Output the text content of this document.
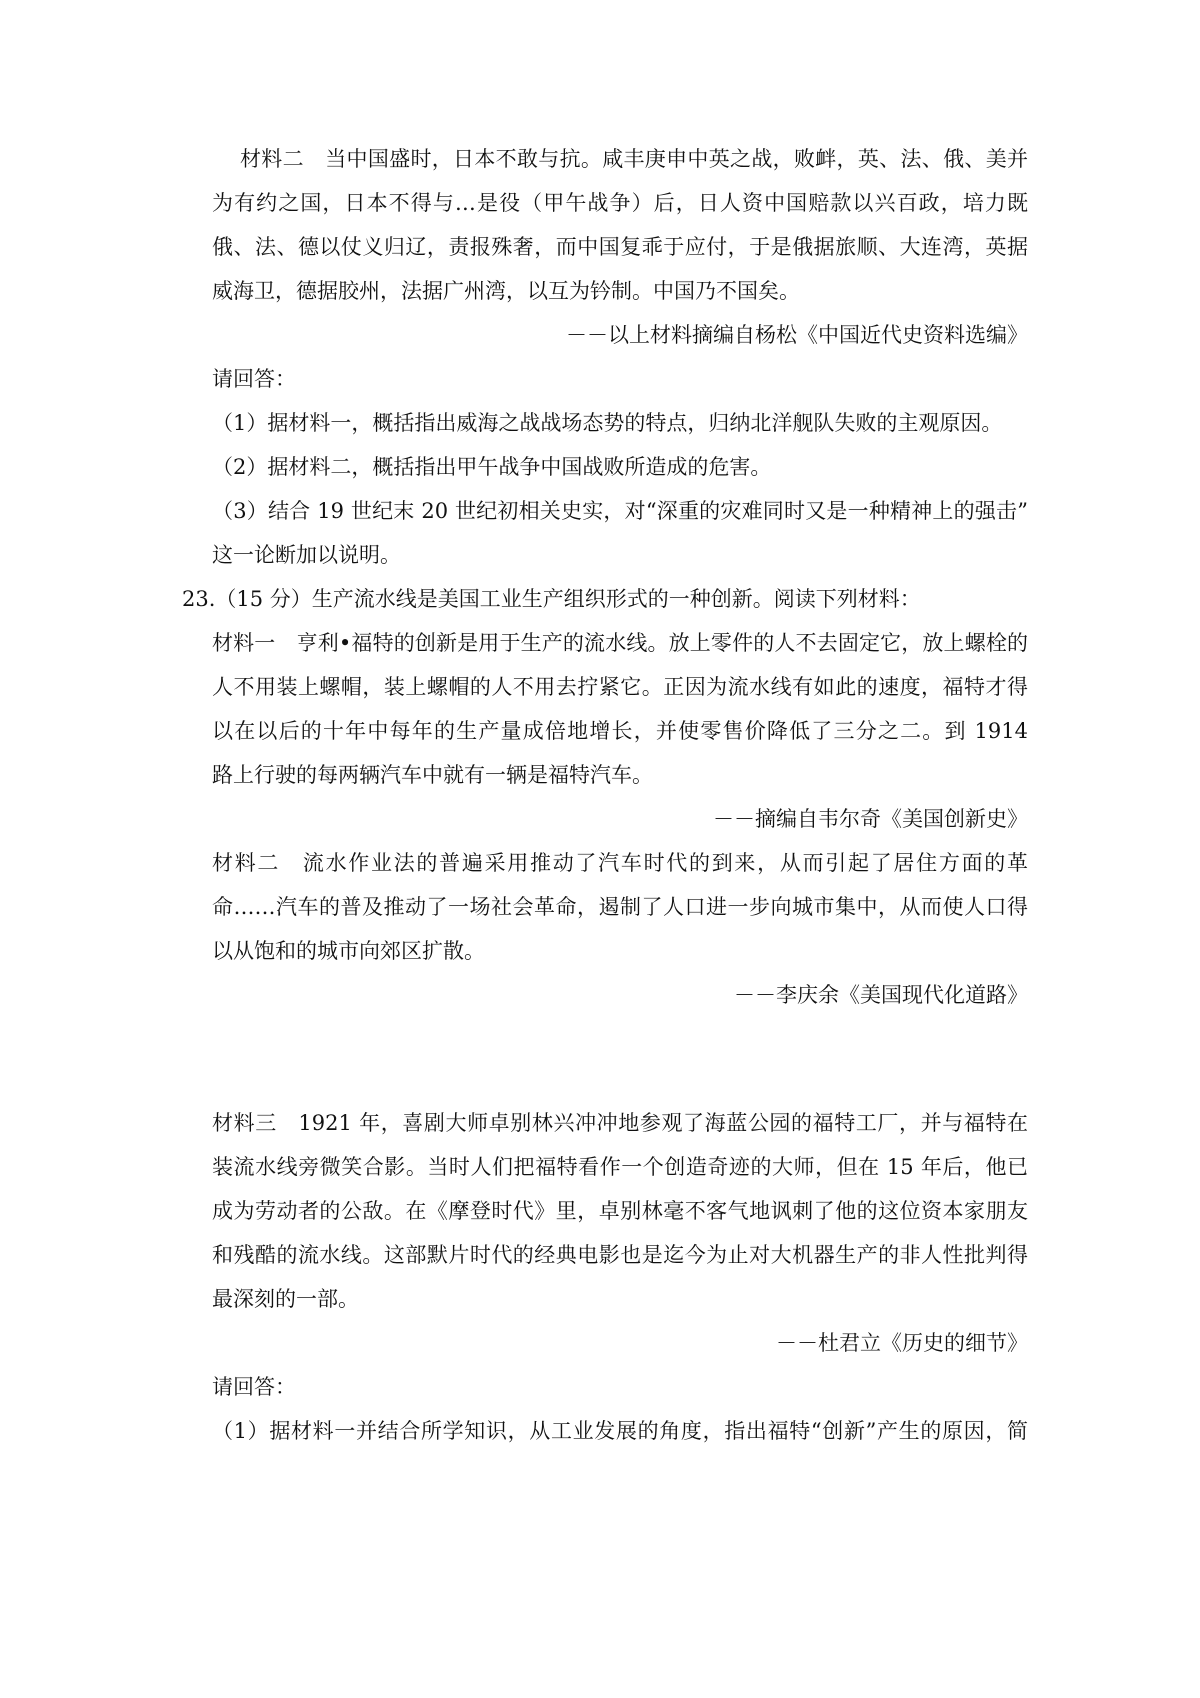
材料二　当中国盛时，日本不敢与抗。咸丰庚申中英之战，败衅，英、法、俄、美并
为有约之国，日本不得与…是役（甲午战争）后，日人资中国赔款以兴百政，培力既
俄、法、德以仗义归辽，责报殊奢，而中国复乖于应付，于是俄据旅顺、大连湾，英据
威海卫，德据胶州，法据广州湾，以互为钤制。中国乃不国矣。
－－以上材料摘编自杨松《中国近代史资料选编》
请回答：
（1）据材料一，概括指出威海之战战场态势的特点，归纳北洋舰队失败的主观原因。
（2）据材料二，概括指出甲午战争中国战败所造成的危害。
（3）结合 19 世纪末 20 世纪初相关史实，对“深重的灾难同时又是一种精神上的强击”
这一论断加以说明。
23.（15 分）生产流水线是美国工业生产组织形式的一种创新。阅读下列材料：
材料一　亨利•福特的创新是用于生产的流水线。放上零件的人不去固定它，放上螺栓的
人不用装上螺帽，装上螺帽的人不用去拧紧它。正因为流水线有如此的速度，福特才得
以在以后的十年中每年的生产量成倍地增长，并使零售价降低了三分之二。到 1914
路上行驶的每两辆汽车中就有一辆是福特汽车。
－－摘编自韦尔奇《美国创新史》
材料二　流水作业法的普遍采用推动了汽车时代的到来，从而引起了居住方面的革
命……汽车的普及推动了一场社会革命，遏制了人口进一步向城市集中，从而使人口得
以从饱和的城市向郊区扩散。
－－李庆余《美国现代化道路》
材料三　1921 年，喜剧大师卓别林兴冲冲地参观了海蓝公园的福特工厂，并与福特在
装流水线旁微笑合影。当时人们把福特看作一个创造奇迹的大师，但在 15 年后，他已
成为劳动者的公敌。在《摩登时代》里，卓别林毫不客气地讽刺了他的这位资本家朋友
和残酷的流水线。这部默片时代的经典电影也是迄今为止对大机器生产的非人性批判得
最深刻的一部。
－－杜君立《历史的细节》
请回答：
（1）据材料一并结合所学知识，从工业发展的角度，指出福特“创新”产生的原因，简
